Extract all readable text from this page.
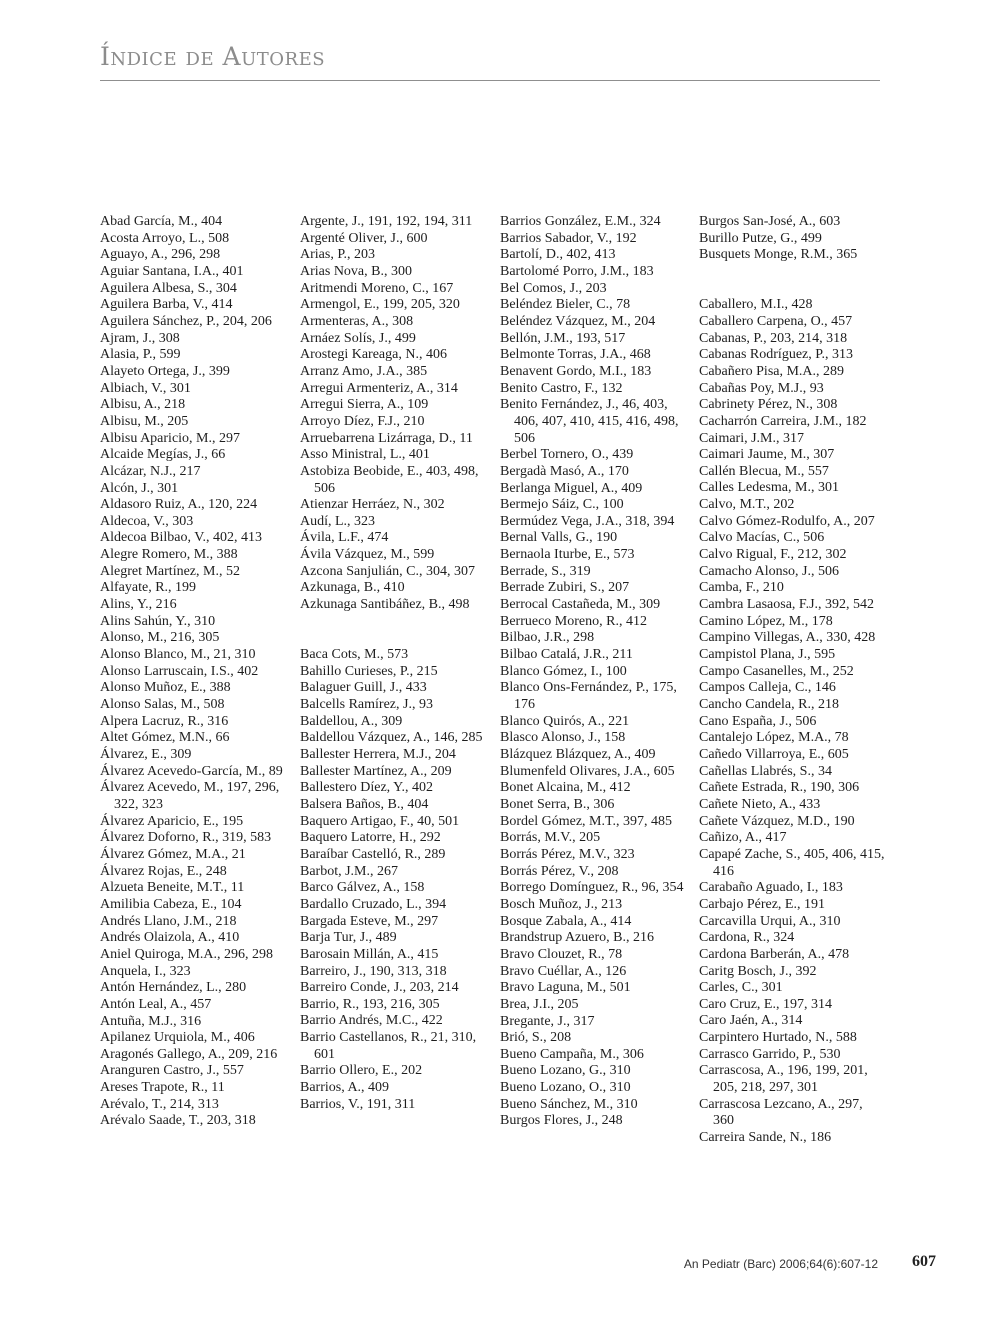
Índice de Autores

Abad García, M., 404

Acosta Arroyo, L., 508

Aguayo, A., 296, 298

Aguiar Santana, I.A., 401

Aguilera Albesa, S., 304

Aguilera Barba, V., 414

Aguilera Sánchez, P., 204, 206

Ajram, J., 308

Alasia, P., 599

Alayeto Ortega, J., 399

Albiach, V., 301

Albisu, A., 218

Albisu, M., 205

Albisu Aparicio, M., 297

Alcaide Megías, J., 66

Alcázar, N.J., 217

Alcón, J., 301

Aldasoro Ruiz, A., 120, 224

Aldecoa, V., 303

Aldecoa Bilbao, V., 402, 413

Alegre Romero, M., 388

Alegret Martínez, M., 52

Alfayate, R., 199

Alins, Y., 216

Alins Sahún, Y., 310

Alonso, M., 216, 305

Alonso Blanco, M., 21, 310

Alonso Larruscain, I.S., 402

Alonso Muñoz, E., 388

Alonso Salas, M., 508

Alpera Lacruz, R., 316

Altet Gómez, M.N., 66

Álvarez, E., 309

Álvarez Acevedo-García, M., 89

Álvarez Acevedo, M., 197, 296, 322, 323

Álvarez Aparicio, E., 195

Álvarez Doforno, R., 319, 583

Álvarez Gómez, M.A., 21

Álvarez Rojas, E., 248

Alzueta Beneite, M.T., 11

Amilibia Cabeza, E., 104

Andrés Llano, J.M., 218

Andrés Olaizola, A., 410

Aniel Quiroga, M.A., 296, 298

Anquela, I., 323

Antón Hernández, L., 280

Antón Leal, A., 457

Antuña, M.J., 316

Apilanez Urquiola, M., 406

Aragonés Gallego, A., 209, 216

Aranguren Castro, J., 557

Areses Trapote, R., 11

Arévalo, T., 214, 313

Arévalo Saade, T., 203, 318

Argente, J., 191, 192, 194, 311

Argenté Oliver, J., 600

Arias, P., 203

Arias Nova, B., 300

Aritmendi Moreno, C., 167

Armengol, E., 199, 205, 320

Armenteras, A., 308

Arnáez Solís, J., 499

Arostegi Kareaga, N., 406

Arranz Amo, J.A., 385

Arregui Armenteriz, A., 314

Arregui Sierra, A., 109

Arroyo Díez, F.J., 210

Arruebarrena Lizárraga, D., 11

Asso Ministral, L., 401

Astobiza Beobide, E., 403, 498, 506

Atienzar Herráez, N., 302

Audí, L., 323

Ávila, L.F., 474

Ávila Vázquez, M., 599

Azcona Sanjulián, C., 304, 307

Azkunaga, B., 410

Azkunaga Santibáñez, B., 498

Baca Cots, M., 573

Bahillo Curieses, P., 215

Balaguer Guill, J., 433

Balcells Ramírez, J., 93

Baldellou, A., 309

Baldellou Vázquez, A., 146, 285

Ballester Herrera, M.J., 204

Ballester Martínez, A., 209

Ballestero Díez, Y., 402

Balsera Baños, B., 404

Baquero Artigao, F., 40, 501

Baquero Latorre, H., 292

Baraíbar Castelló, R., 289

Barbot, J.M., 267

Barco Gálvez, A., 158

Bardallo Cruzado, L., 394

Bargada Esteve, M., 297

Barja Tur, J., 489

Barosain Millán, A., 415

Barreiro, J., 190, 313, 318

Barreiro Conde, J., 203, 214

Barrio, R., 193, 216, 305

Barrio Andrés, M.C., 422

Barrio Castellanos, R., 21, 310, 601

Barrio Ollero, E., 202

Barrios, A., 409

Barrios, V., 191, 311

Barrios González, E.M., 324

Barrios Sabador, V., 192

Bartolí, D., 402, 413

Bartolomé Porro, J.M., 183

Bel Comos, J., 203

Beléndez Bieler, C., 78

Beléndez Vázquez, M., 204

Bellón, J.M., 193, 517

Belmonte Torras, J.A., 468

Benavent Gordo, M.I., 183

Benito Castro, F., 132

Benito Fernández, J., 46, 403, 406, 407, 410, 415, 416, 498, 506

Berbel Tornero, O., 439

Bergadà Masó, A., 170

Berlanga Miguel, A., 409

Bermejo Sáiz, C., 100

Bermúdez Vega, J.A., 318, 394

Bernal Valls, G., 190

Bernaola Iturbe, E., 573

Berrade, S., 319

Berrade Zubiri, S., 207

Berrocal Castañeda, M., 309

Berrueco Moreno, R., 412

Bilbao, J.R., 298

Bilbao Catalá, J.R., 211

Blanco Gómez, I., 100

Blanco Ons-Fernández, P., 175, 176

Blanco Quirós, A., 221

Blasco Alonso, J., 158

Blázquez Blázquez, A., 409

Blumenfeld Olivares, J.A., 605

Bonet Alcaina, M., 412

Bonet Serra, B., 306

Bordel Gómez, M.T., 397, 485

Borrás, M.V., 205

Borrás Pérez, M.V., 323

Borrás Pérez, V., 208

Borrego Domínguez, R., 96, 354

Bosch Muñoz, J., 213

Bosque Zabala, A., 414

Brandstrup Azuero, B., 216

Bravo Clouzet, R., 78

Bravo Cuéllar, A., 126

Bravo Laguna, M., 501

Brea, J.I., 205

Bregante, J., 317

Brió, S., 208

Bueno Campaña, M., 306

Bueno Lozano, G., 310

Bueno Lozano, O., 310

Bueno Sánchez, M., 310

Burgos Flores, J., 248

Burgos San-José, A., 603

Burillo Putze, G., 499

Busquets Monge, R.M., 365

Caballero, M.I., 428

Caballero Carpena, O., 457

Cabanas, P., 203, 214, 318

Cabanas Rodríguez, P., 313

Cabañero Pisa, M.A., 289

Cabañas Poy, M.J., 93

Cabrinety Pérez, N., 308

Cacharrón Carreira, J.M., 182

Caimari, J.M., 317

Caimari Jaume, M., 307

Callén Blecua, M., 557

Calles Ledesma, M., 301

Calvo, M.T., 202

Calvo Gómez-Rodulfo, A., 207

Calvo Macías, C., 506

Calvo Rigual, F., 212, 302

Camacho Alonso, J., 506

Camba, F., 210

Cambra Lasaosa, F.J., 392, 542

Camino López, M., 178

Campino Villegas, A., 330, 428

Campistol Plana, J., 595

Campo Casanelles, M., 252

Campos Calleja, C., 146

Cancho Candela, R., 218

Cano España, J., 506

Cantalejo López, M.A., 78

Cañedo Villarroya, E., 605

Cañellas Llabrés, S., 34

Cañete Estrada, R., 190, 306

Cañete Nieto, A., 433

Cañete Vázquez, M.D., 190

Cañizo, A., 417

Capapé Zache, S., 405, 406, 415, 416

Carabaño Aguado, I., 183

Carbajo Pérez, E., 191

Carcavilla Urqui, A., 310

Cardona, R., 324

Cardona Barberán, A., 478

Caritg Bosch, J., 392

Carles, C., 301

Caro Cruz, E., 197, 314

Caro Jaén, A., 314

Carpintero Hurtado, N., 588

Carrasco Garrido, P., 530

Carrascosa, A., 196, 199, 201, 205, 218, 297, 301

Carrascosa Lezcano, A., 297, 360

Carreira Sande, N., 186

An Pediatr (Barc) 2006;64(6):607-12	607
